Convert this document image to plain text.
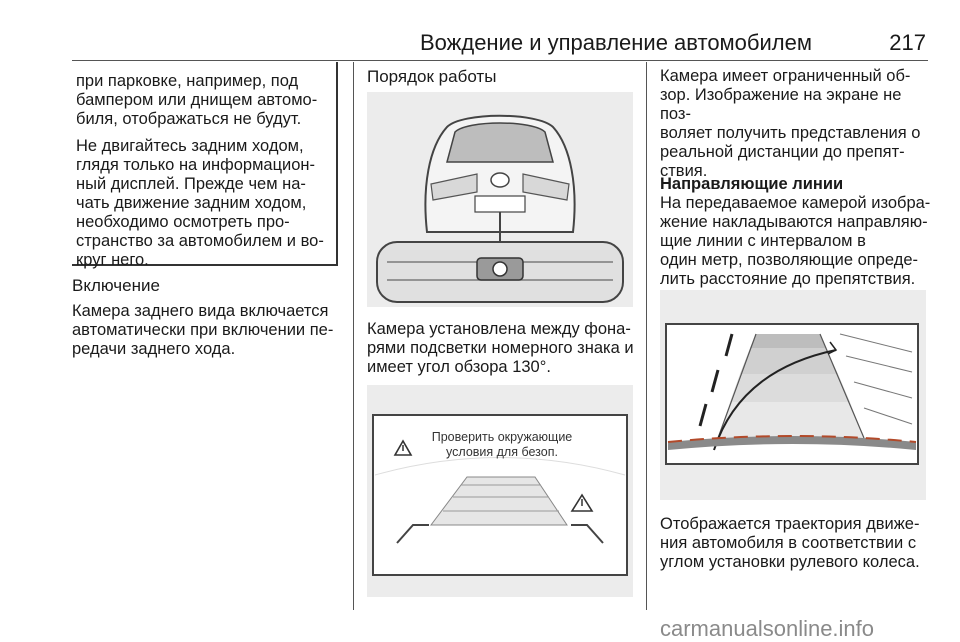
Вождение и управление автомобилем	217

при парковке, например, под

бампером или днищем автомо-

биля, отображаться не будут.

Не двигайтесь задним ходом,

глядя только на информацион-

ный дисплей. Прежде чем на-

чать движение задним ходом,

необходимо осмотреть про-

странство за автомобилем и во-

круг него.

Включение

Камера заднего вида включается

автоматически при включении пе-

редачи заднего хода.

Порядок работы

Камера установлена между фона-

рями подсветки номерного знака и

имеет угол обзора 130°.

Проверить окружающие
условия для безоп.

Камера имеет ограниченный об-

зор. Изображение на экране не поз-

воляет получить представления о

реальной дистанции до препят-

ствия.

Направляющие линии

На передаваемое камерой изобра-

жение накладываются направляю-

щие линии с интервалом в

один метр, позволяющие опреде-

лить расстояние до препятствия.

Отображается траектория движе-

ния автомобиля в соответствии с

углом установки рулевого колеса.

carmanualsonline.info
